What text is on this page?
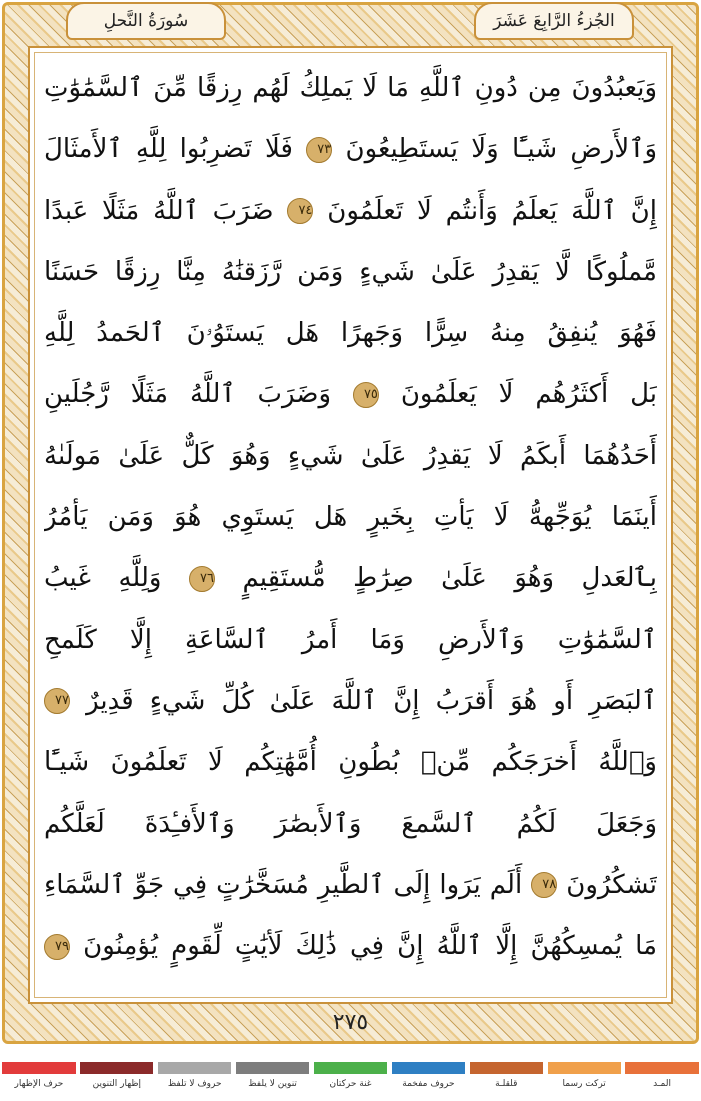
الجُزءُ الرَّابِعَ عَشَرَ
سُورَةُ النَّحلِ
وَيَعبُدُونَ مِن دُونِ ٱللَّهِ مَا لَا يَملِكُ لَهُم رِزقًا مِّنَ ٱلسَّمَٰوَٰتِ
وَٱلأَرضِ شَيـًٔا وَلَا يَستَطِيعُونَ ٧٣ فَلَا تَضرِبُوا لِلَّهِ ٱلأَمثَالَ
إِنَّ ٱللَّهَ يَعلَمُ وَأَنتُم لَا تَعلَمُونَ ٧٤ ضَرَبَ ٱللَّهُ مَثَلًا عَبدًا
مَّملُوكًا لَّا يَقدِرُ عَلَىٰ شَيءٍ وَمَن رَّزَقنَٰهُ مِنَّا رِزقًا حَسَنًا
فَهُوَ يُنفِقُ مِنهُ سِرًّا وَجَهرًا هَل يَستَوُۥنَ ٱلحَمدُ لِلَّهِ
بَل أَكثَرُهُم لَا يَعلَمُونَ ٧٥ وَضَرَبَ ٱللَّهُ مَثَلًا رَّجُلَينِ
أَحَدُهُمَا أَبكَمُ لَا يَقدِرُ عَلَىٰ شَيءٍ وَهُوَ كَلٌّ عَلَىٰ مَولَىٰهُ
أَينَمَا يُوَجِّههُّ لَا يَأتِ بِخَيرٍ هَل يَستَوِي هُوَ وَمَن يَأمُرُ
بِٱلعَدلِ وَهُوَ عَلَىٰ صِرَٰطٍ مُّستَقِيمٍ ٧٦ وَلِلَّهِ غَيبُ
ٱلسَّمَٰوَٰتِ وَٱلأَرضِ وَمَا أَمرُ ٱلسَّاعَةِ إِلَّا كَلَمحِ
ٱلبَصَرِ أَو هُوَ أَقرَبُ إِنَّ ٱللَّهَ عَلَىٰ كُلِّ شَيءٍ قَدِيرٌ ٧٧
وَٱللَّهُ أَخرَجَكُم مِّنۢ بُطُونِ أُمَّهَٰتِكُم لَا تَعلَمُونَ شَيـًٔا
وَجَعَلَ لَكُمُ ٱلسَّمعَ وَٱلأَبصَٰرَ وَٱلأَفـِٔدَةَ لَعَلَّكُم
تَشكُرُونَ ٧٨ أَلَم يَرَوا إِلَى ٱلطَّيرِ مُسَخَّرَٰتٍ فِي جَوِّ ٱلسَّمَاءِ
مَا يُمسِكُهُنَّ إِلَّا ٱللَّهُ إِنَّ فِي ذَٰلِكَ لَأيَٰتٍ لِّقَومٍ يُؤمِنُونَ ٧٩
٢٧٥
المـد
تركت رسما
قلقلـة
حروف مفخمة
غنة حركتان
تنوين لا يلفظ
حروف لا تلفظ
إظهار التنوين
حرف الإظهار
